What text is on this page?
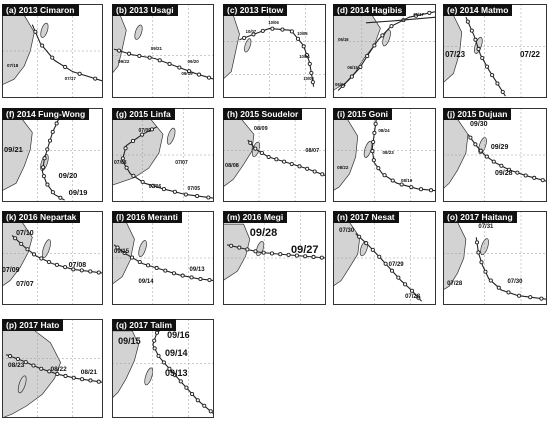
(a) 2013 Cimaron
07/18
07/17
(b) 2013 Usagi
09/22
09/21
09/20
09/19
(c) 2013 Fitow
10/07
10/06
10/05
10/04
10/03
(d) 2014 Hagibis	06/17
06/16
06/15
06/14
(e) 2014 Matmo
07/23	07/22
(f) 2014 Fung-Wong
09/21
09/20
09/19
(g) 2015 Linfa
07/09
07/08	07/07
07/06	07/05
(h) 2015 Soudelor
08/09
08/08
08/07
(i) 2015 Goni
08/24
08/23
08/22
08/19
(j) 2015 Dujuan
09/30
09/29
09/28
(k) 2016 Nepartak
07/10
07/09
07/08
07/07
(l) 2016 Meranti
09/15
09/14
09/13
(m) 2016 Megi
09/28
09/27
(n) 2017 Nesat
07/30
07/29
07/28
(o) 2017 Haitang
07/31
07/28	07/30
(p) 2017 Hato
08/23
08/22
08/21
(q) 2017 Talim
09/16
09/15
09/14
09/13
